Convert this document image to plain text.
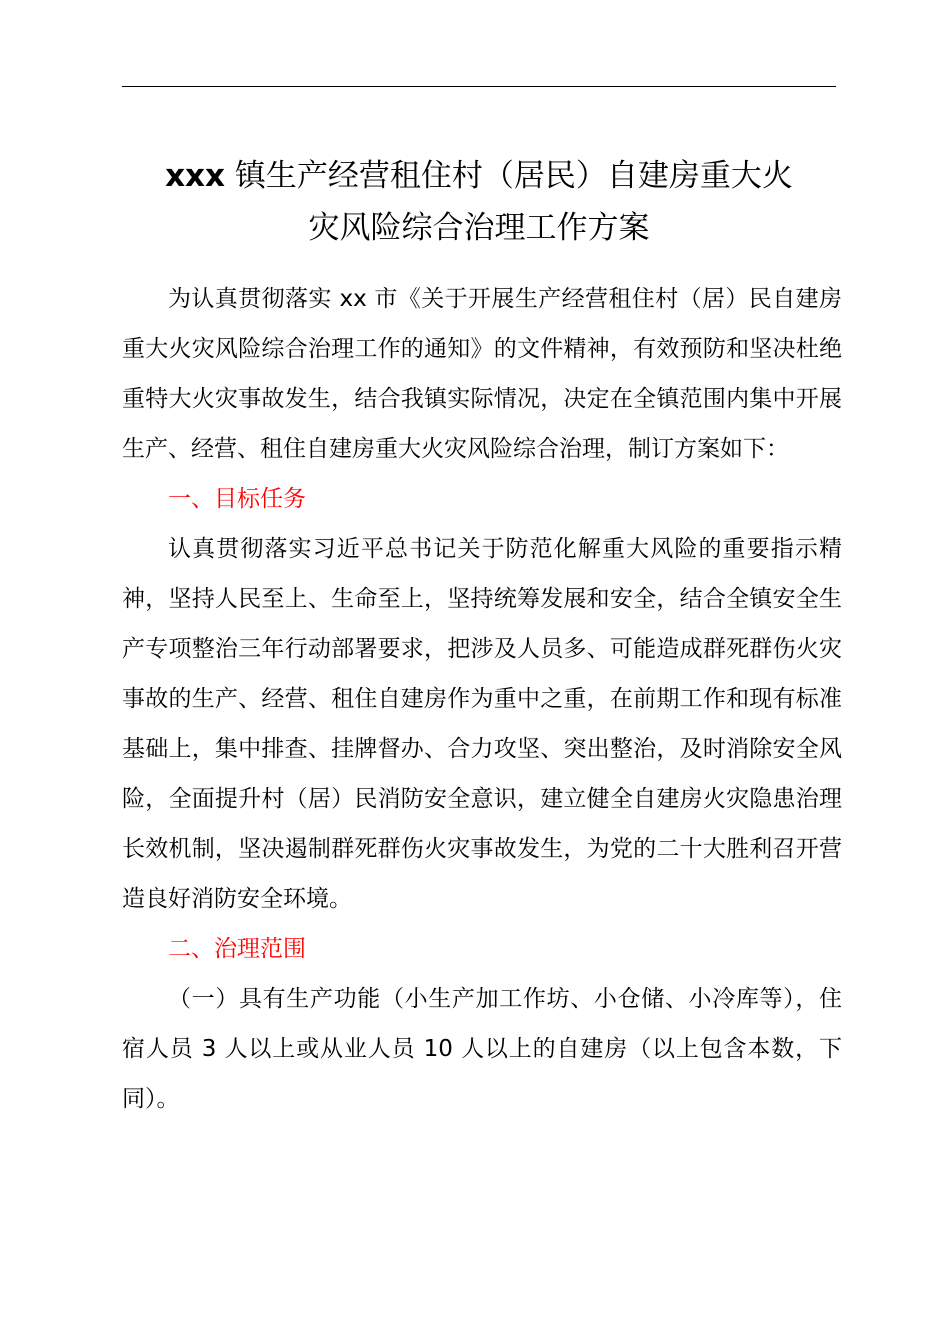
xxx 镇生产经营租住村（居民）自建房重大火
灾风险综合治理工作方案

为认真贯彻落实 xx 市《关于开展生产经营租住村（居）民自建房重大火灾风险综合治理工作的通知》的文件精神，有效预防和坚决杜绝重特大火灾事故发生，结合我镇实际情况，决定在全镇范围内集中开展生产、经营、租住自建房重大火灾风险综合治理，制订方案如下：

一、目标任务

认真贯彻落实习近平总书记关于防范化解重大风险的重要指示精神，坚持人民至上、生命至上，坚持统筹发展和安全，结合全镇安全生产专项整治三年行动部署要求，把涉及人员多、可能造成群死群伤火灾事故的生产、经营、租住自建房作为重中之重，在前期工作和现有标准基础上，集中排查、挂牌督办、合力攻坚、突出整治，及时消除安全风险，全面提升村（居）民消防安全意识，建立健全自建房火灾隐患治理长效机制，坚决遏制群死群伤火灾事故发生，为党的二十大胜利召开营造良好消防安全环境。

二、治理范围

（一）具有生产功能（小生产加工作坊、小仓储、小冷库等），住宿人员 3 人以上或从业人员 10 人以上的自建房（以上包含本数，下同）。
